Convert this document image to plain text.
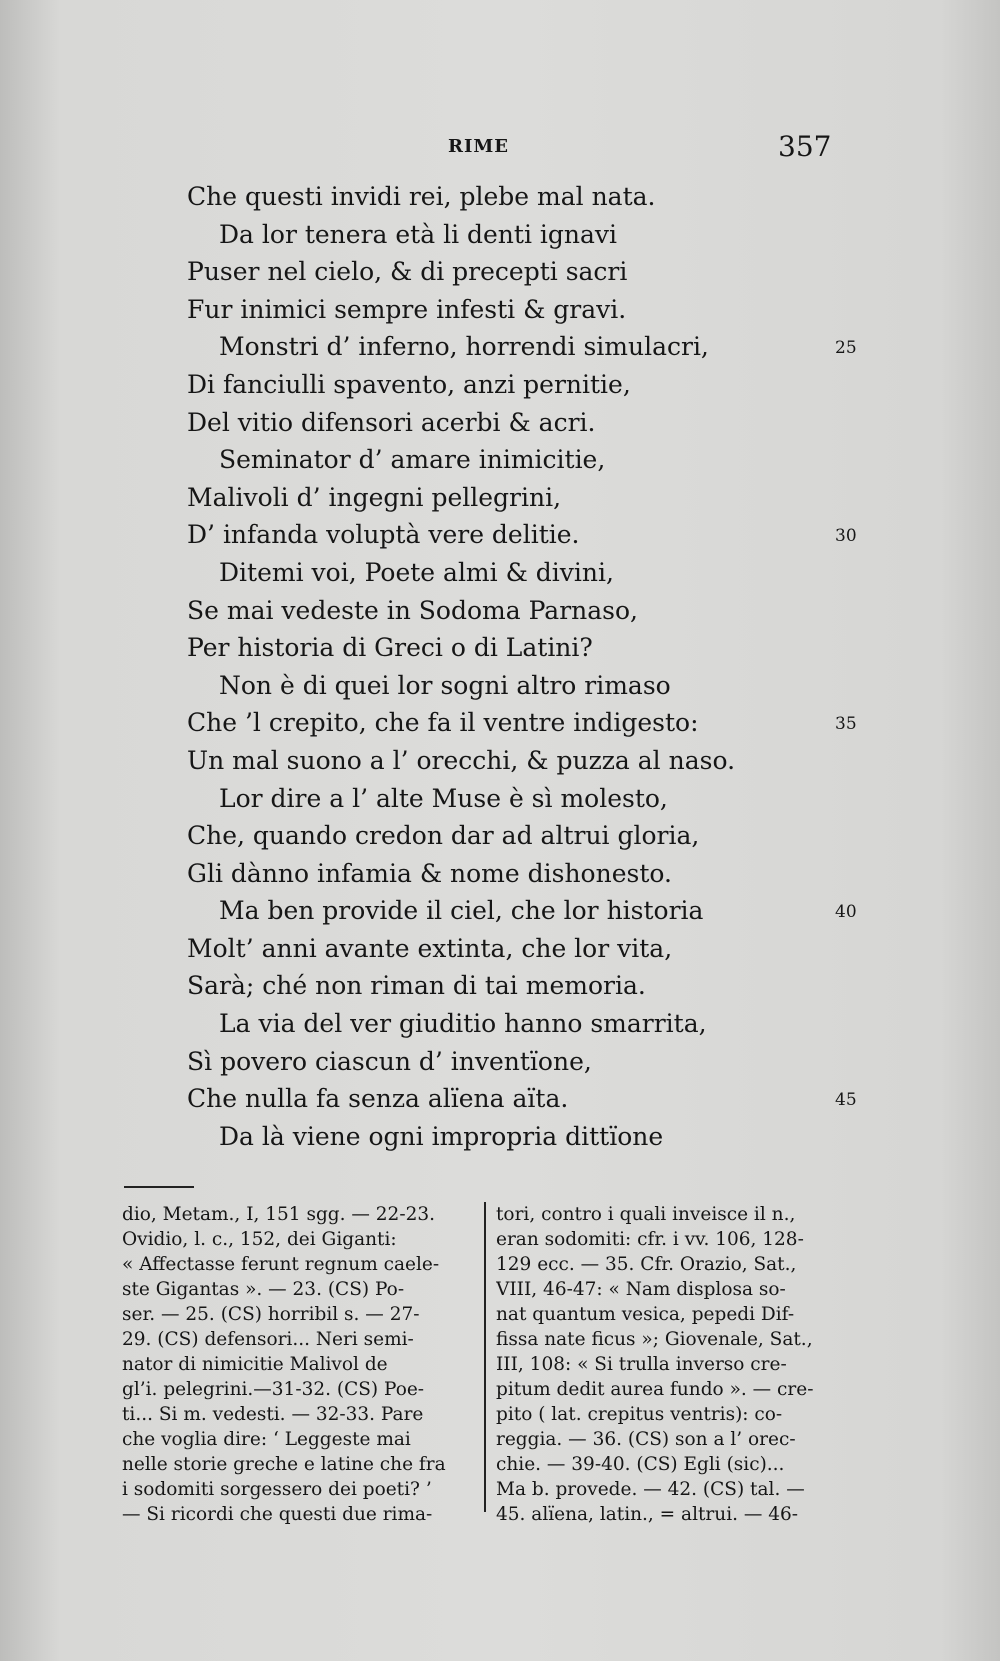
RIME	357
Che questi invidi rei, plebe mal nata.
Da lor tenera età li denti ignavi
Puser nel cielo, & di precepti sacri
Fur inimici sempre infesti & gravi.
Monstri d’ inferno, horrendi simulacri,	25
Di fanciulli spavento, anzi pernitie,
Del vitio difensori acerbi & acri.
Seminator d’ amare inimicitie,
Malivoli d’ ingegni pellegrini,
D’ infanda voluptà vere delitie.	30
Ditemi voi, Poete almi & divini,
Se mai vedeste in Sodoma Parnaso,
Per historia di Greci o di Latini?
Non è di quei lor sogni altro rimaso
Che ’l crepito, che fa il ventre indigesto:	35
Un mal suono a l’ orecchi, & puzza al naso.
Lor dire a l’ alte Muse è sì molesto,
Che, quando credon dar ad altrui gloria,
Gli dànno infamia & nome dishonesto.
Ma ben provide il ciel, che lor historia	40
Molt’ anni avante extinta, che lor vita,
Sarà; ché non riman di tai memoria.
La via del ver giuditio hanno smarrita,
Sì povero ciascun d’ inventïone,
Che nulla fa senza alïena aïta.	45
Da là viene ogni impropria dittïone
dio, Metam., I, 151 sgg. — 22-23.
Ovidio, l. c., 152, dei Giganti:
« Affectasse ferunt regnum caele-
ste Gigantas ». — 23. (CS) Po-
ser. — 25. (CS) horribil s. — 27-
29. (CS) defensori... Neri semi-
nator di nimicitie Malivol de
gl’i. pelegrini.—31-32. (CS) Poe-
ti... Si m. vedesti. — 32-33. Pare
che voglia dire: ‘ Leggeste mai
nelle storie greche e latine che fra
i sodomiti sorgessero dei poeti? ’
— Si ricordi che questi due rima-
tori, contro i quali inveisce il n.,
eran sodomiti: cfr. i vv. 106, 128-
129 ecc. — 35. Cfr. Orazio, Sat.,
VIII, 46-47: « Nam displosa so-
nat quantum vesica, pepedi Dif-
fissa nate ficus »; Giovenale, Sat.,
III, 108: « Si trulla inverso cre-
pitum dedit aurea fundo ». — cre-
pito ( lat. crepitus ventris): co-
reggia. — 36. (CS) son a l’ orec-
chie. — 39-40. (CS) Egli (sic)...
Ma b. provede. — 42. (CS) tal. —
45. alïena, latin., = altrui. — 46-
